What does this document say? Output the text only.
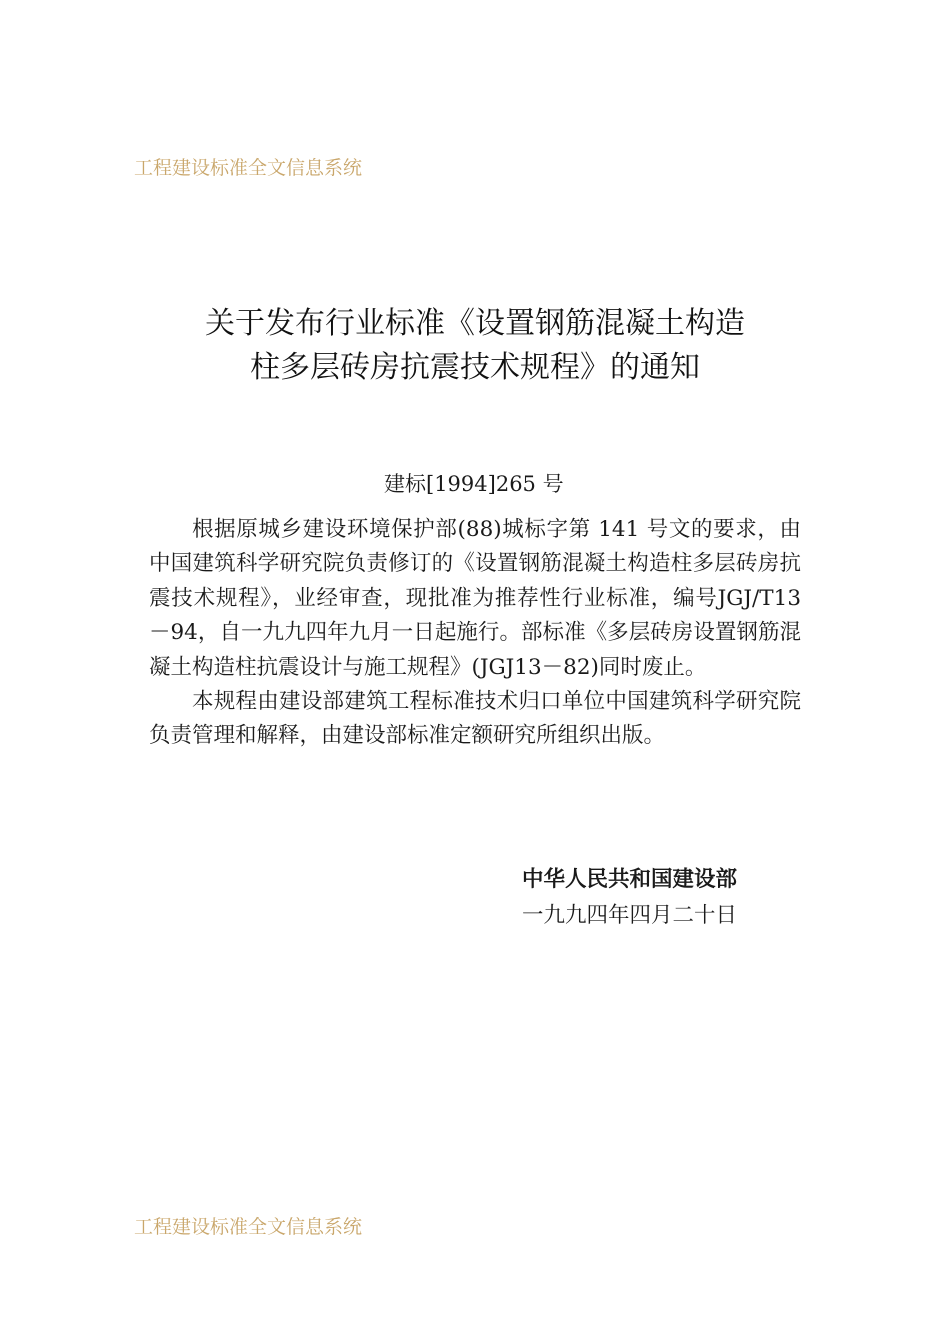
工程建设标准全文信息系统
关于发布行业标准《设置钢筋混凝土构造
柱多层砖房抗震技术规程》的通知
建标[1994]265 号

根据原城乡建设环境保护部(88)城标字第 141 号文的要求，由中国建筑科学研究院负责修订的《设置钢筋混凝土构造柱多层砖房抗震技术规程》，业经审查，现批准为推荐性行业标准，编号JGJ/T13－94，自一九九四年九月一日起施行。部标准《多层砖房设置钢筋混凝土构造柱抗震设计与施工规程》(JGJ13－82)同时废止。

本规程由建设部建筑工程标准技术归口单位中国建筑科学研究院负责管理和解释，由建设部标准定额研究所组织出版。

中华人民共和国建设部
一九九四年四月二十日
工程建设标准全文信息系统
